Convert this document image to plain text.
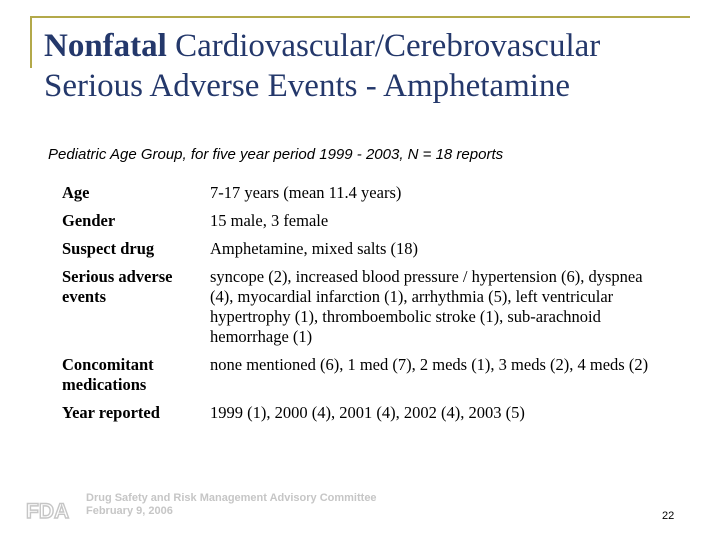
Nonfatal Cardiovascular/Cerebrovascular
Serious Adverse Events - Amphetamine
Pediatric Age Group, for five year period 1999 - 2003, N = 18 reports
Age	7-17 years (mean 11.4 years)
Gender	15 male, 3 female
Suspect drug	Amphetamine, mixed salts (18)
Serious adverse events	syncope (2), increased blood pressure / hypertension (6), dyspnea (4), myocardial infarction (1), arrhythmia (5), left ventricular hypertrophy (1), thromboembolic stroke (1), sub-arachnoid hemorrhage (1)
Concomitant medications	none mentioned (6), 1 med (7), 2 meds (1), 3 meds (2), 4 meds (2)
Year reported	1999 (1), 2000 (4), 2001 (4), 2002 (4), 2003 (5)
FDA
Drug Safety and Risk Management Advisory Committee
February 9, 2006	22
